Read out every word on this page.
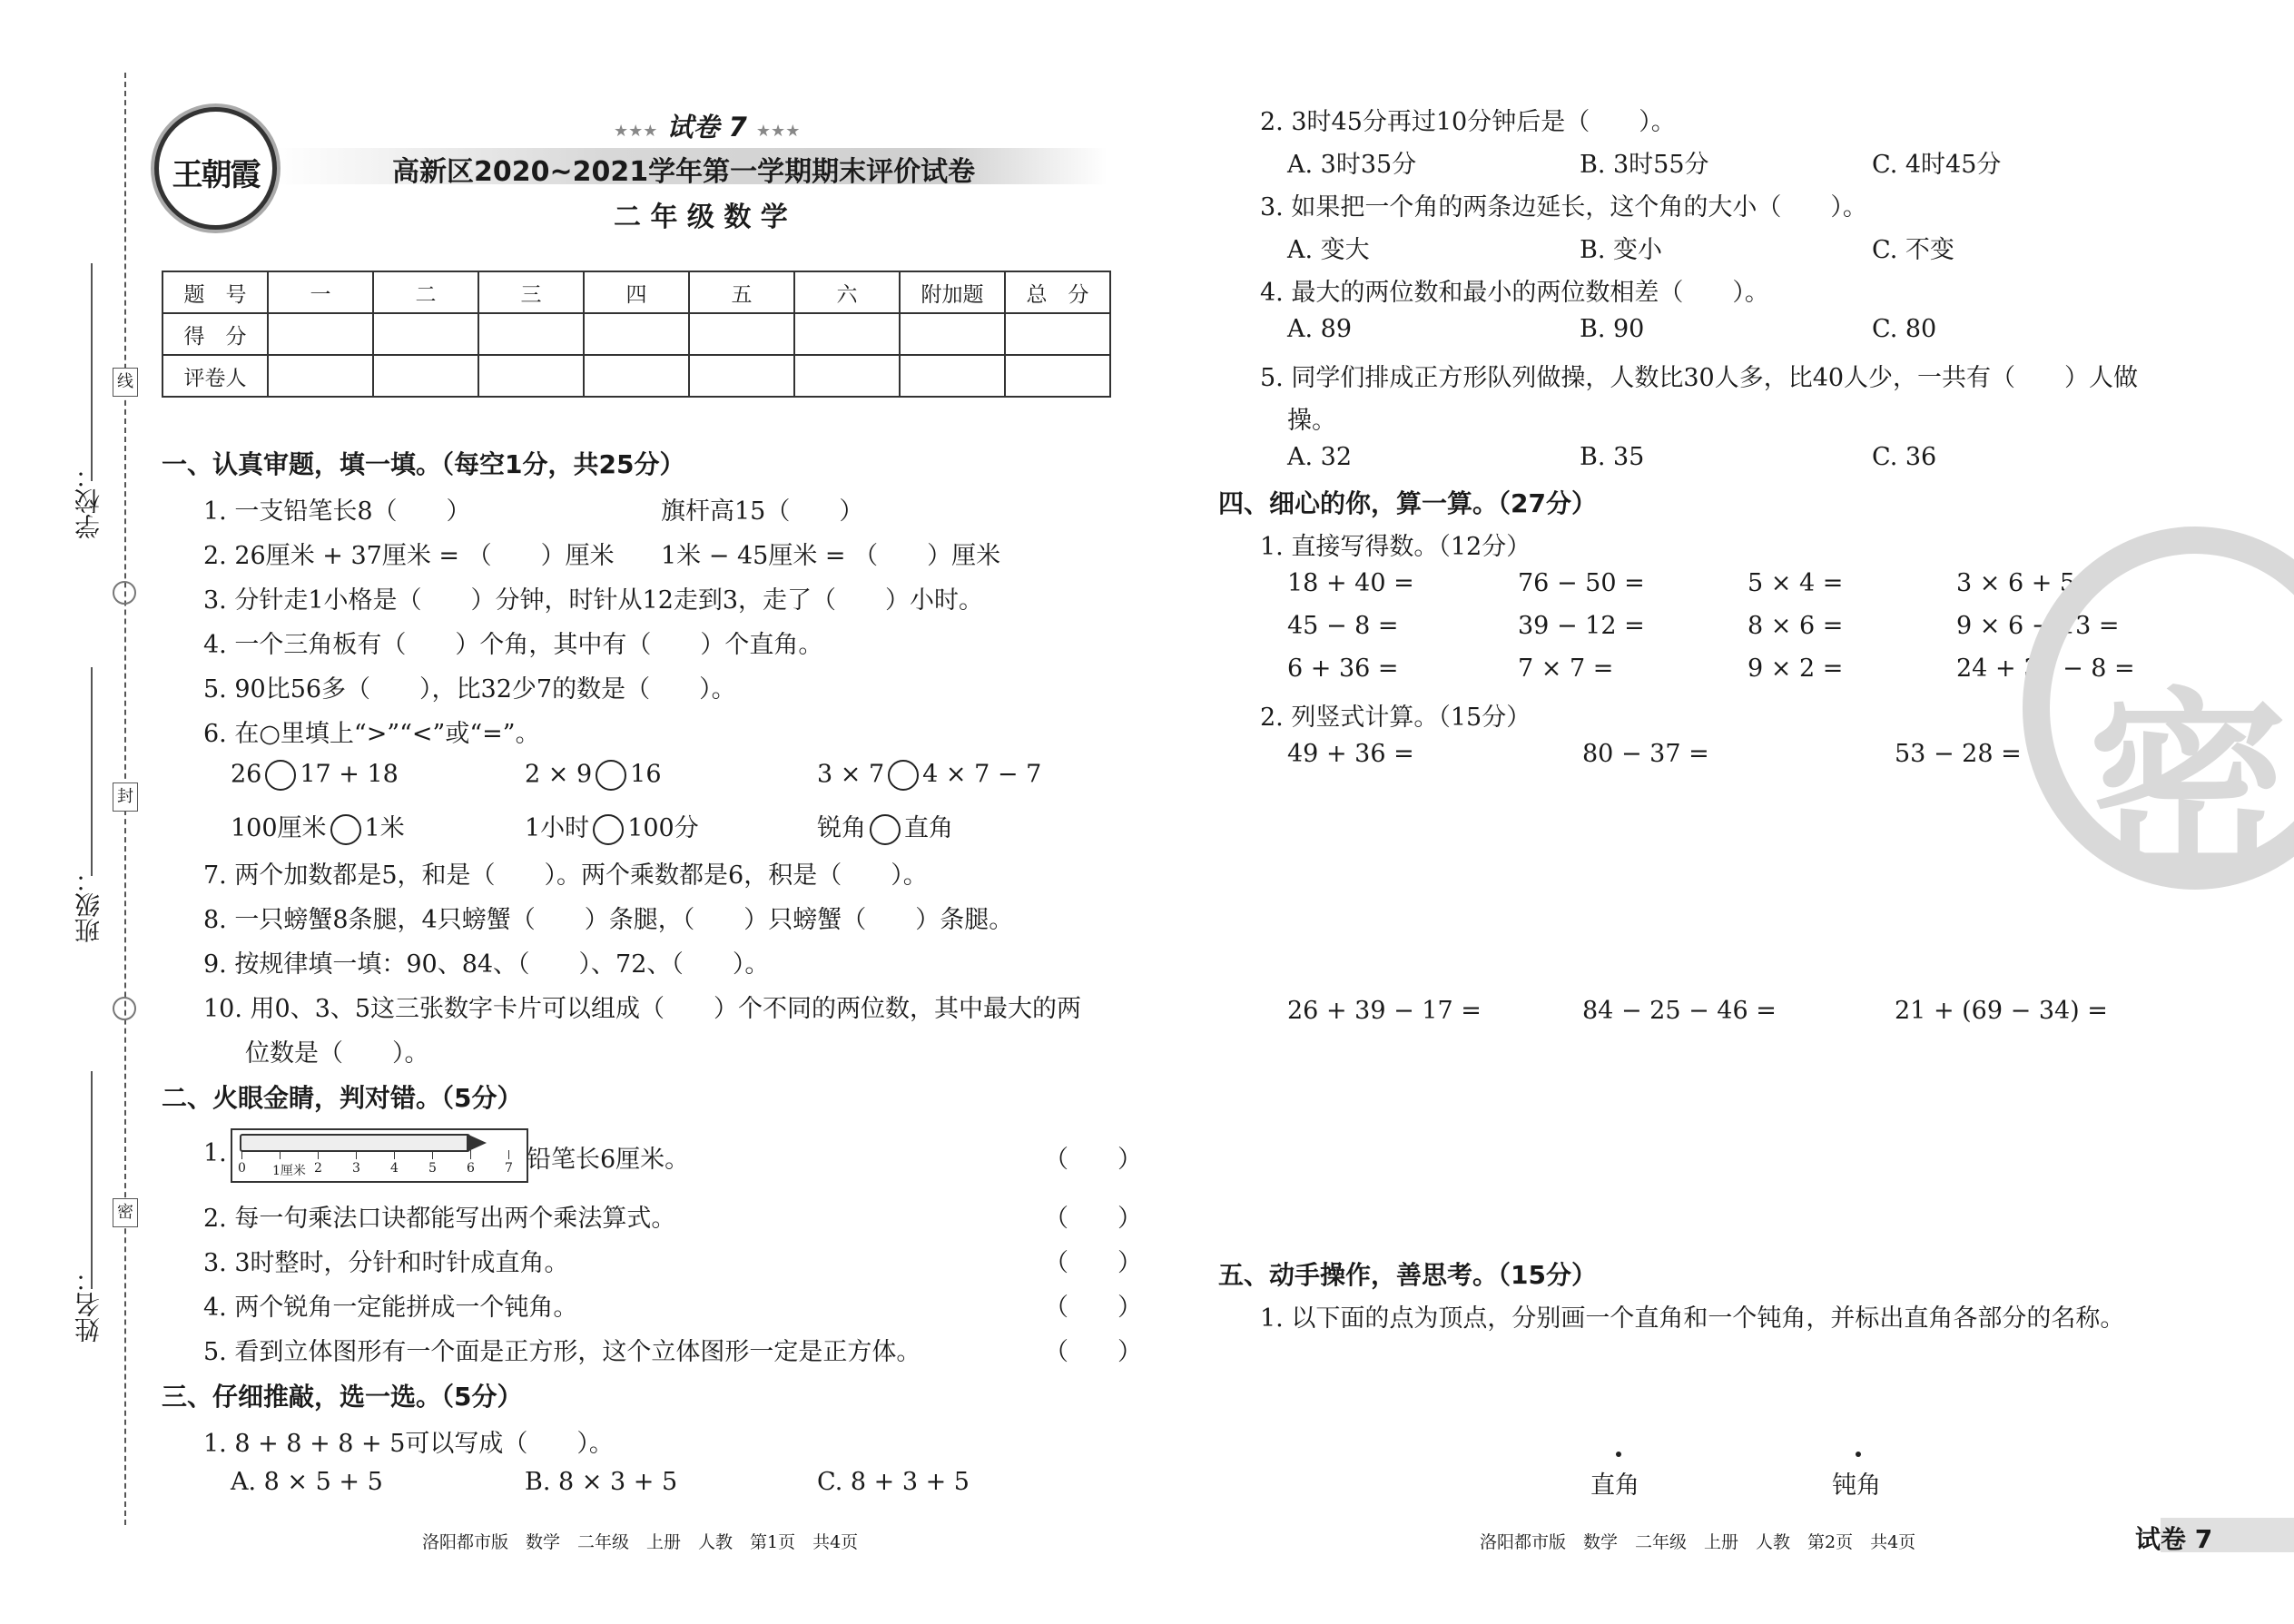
学校：
班级：
姓名：
线
封
密
王朝霞
★★★ 试卷 7 ★★★
高新区2020~2021学年第一学期期末评价试卷
二 年 级 数 学
题　号	一	二	三	四	五	六	附加题	总　分
得　分								
评卷人								
一、认真审题，填一填。（每空1分，共25分）
1. 一支铅笔长8（　　）	旗杆高15（　　）
2. 26厘米 + 37厘米 = （　　）厘米 1米 − 45厘米 = （　　）厘米
3. 分针走1小格是（　　）分钟，时针从12走到3，走了（　　）小时。
4. 一个三角板有（　　）个角，其中有（　　）个直角。
5. 90比56多（　　），比32少7的数是（　　）。
6. 在○里填上“>”“<”或“=”。
26 17 + 18	2 × 9 16	3 × 7 4 × 7 − 7
100厘米 1米	1小时 100分	锐角 直角
7. 两个加数都是5，和是（　　）。两个乘数都是6，积是（　　）。
8. 一只螃蟹8条腿，4只螃蟹（　　）条腿，（　　）只螃蟹（　　）条腿。
9. 按规律填一填：90、84、（　　）、72、（　　）。
10. 用0、3、5这三张数字卡片可以组成（　　）个不同的两位数，其中最大的两
位数是（　　）。
二、火眼金睛，判对错。（5分）
1.
0 1厘米 2 3 4 5 6 7 铅笔长6厘米。
2. 每一句乘法口诀都能写出两个乘法算式。
3. 3时整时，分针和时针成直角。
4. 两个锐角一定能拼成一个钝角。
5. 看到立体图形有一个面是正方形，这个立体图形一定是正方体。
（　　）
（　　）
（　　）
（　　）
（　　）
三、仔细推敲，选一选。（5分）
1. 8 + 8 + 8 + 5可以写成（　　）。
A. 8 × 5 + 5	B. 8 × 3 + 5	C. 8 + 3 + 5
洛阳都市版　数学　二年级　上册　人教　第1页　共4页
2. 3时45分再过10分钟后是（　　）。
A. 3时35分	B. 3时55分	C. 4时45分
3. 如果把一个角的两条边延长，这个角的大小（　　）。
A. 变大	B. 变小	C. 不变
4. 最大的两位数和最小的两位数相差（　　）。
A. 89	B. 90	C. 80
5. 同学们排成正方形队列做操，人数比30人多，比40人少，一共有（　　）人做
操。
A. 32	B. 35	C. 36
四、细心的你，算一算。（27分）
1. 直接写得数。（12分）
18 + 40 =	76 − 50 =	5 × 4 =	3 × 6 + 5 =
45 − 8 =	39 − 12 =	8 × 6 =	9 × 6 − 13 =
6 + 36 =	7 × 7 =	9 × 2 =	24 + 30 − 8 =
2. 列竖式计算。（15分）
49 + 36 =	80 − 37 =	53 − 28 =
26 + 39 − 17 =	84 − 25 − 46 =	21 + (69 − 34) =
五、动手操作，善思考。（15分）
1. 以下面的点为顶点，分别画一个直角和一个钝角，并标出直角各部分的名称。
直角	钝角
密
洛阳都市版　数学　二年级　上册　人教　第2页　共4页	试卷 7
